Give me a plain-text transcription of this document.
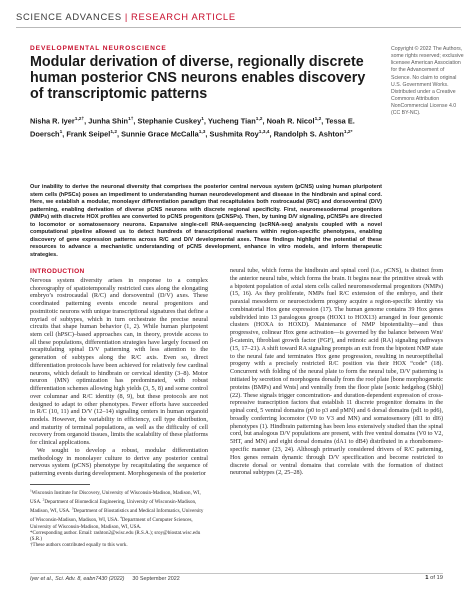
SCIENCE ADVANCES | RESEARCH ARTICLE
DEVELOPMENTAL NEUROSCIENCE
Modular derivation of diverse, regionally discrete human posterior CNS neurons enables discovery of transcriptomic patterns
Nisha R. Iyer$^{1,2\dagger}$, Junha Shin$^{1\dagger}$, Stephanie Cuskey$^1$, Yucheng Tian$^{1,2}$, Noah R. Nicol$^{1,2}$, Tessa E. Doersch$^1$, Frank Seipel$^{1,2}$, Sunnie Grace McCalla$^{1,3}$, Sushmita Roy$^{1,3,4}$, Randolph S. Ashton$^{1,2*}$
Our inability to derive the neuronal diversity that comprises the posterior central nervous system (pCNS) using human pluripotent stem cells (hPSCs) poses an impediment to understanding human neurodevelopment and disease in the hindbrain and spinal cord. Here, we establish a modular, monolayer differentiation paradigm that recapitulates both rostrocaudal (R/C) and dorsoventral (D/V) patterning, enabling derivation of diverse pCNS neurons with discrete regional specificity. First, neuromesodermal progenitors (NMPs) with discrete HOX profiles are converted to pCNS progenitors (pCNSPs). Then, by tuning D/V signaling, pCNSPs are directed to locomotor or somatosensory neurons. Expansive single-cell RNA-sequencing (scRNA-seq) analysis coupled with a novel computational pipeline allowed us to detect hundreds of transcriptional markers within region-specific phenotypes, enabling discovery of gene expression patterns across R/C and D/V developmental axes. These findings highlight the potential of these resources to advance a mechanistic understanding of pCNS development, enhance in vitro models, and inform therapeutic strategies.
Copyright © 2022 The Authors, some rights reserved; exclusive licensee American Association for the Advancement of Science. No claim to original U.S. Government Works. Distributed under a Creative Commons Attribution NonCommercial License 4.0 (CC BY-NC).
INTRODUCTION

Nervous system diversity arises in response to a complex choreography of spatiotemporally restricted cues along the elongating embryo’s rostrocaudal (R/C) and dorsoventral (D/V) axes. These coordinated patterning events encode neural progenitors and postmitotic neurons with unique transcriptional signatures that define a myriad of subtypes, which in turn orchestrate the precise neural circuits that shape human behavior (1, 2). While human pluripotent stem cell (hPSC)–based approaches can, in theory, provide access to all these populations, differentiation strategies have largely focused on recapitulating spinal D/V patterning with less attention to the generation of subtypes along the R/C axis. Even so, direct differentiation protocols have been achieved for relatively few cardinal neurons, which default to hindbrain or cervical identity (3–8). Motor neuron (MN) optimization has predominated, with robust differentiation schemes allowing high yields (3, 5, 8) and some control over columnar and R/C identity (8, 9), but these protocols are not designed to adapt to other phenotypes. Fewer efforts have succeeded in R/C (10, 11) and D/V (12–14) signaling centers in human organoid models. However, the variability in efficiency, cell type distribution, and maturity of terminal populations, as well as the difficulty of cell recovery from organoid tissues, limits the scalability of these platforms for clinical applications.

We sought to develop a robust, modular differentiation methodology in monolayer culture to derive any posterior central nervous system (pCNS) phenotype by recapitulating the sequence of patterning events during development. Morphogenesis of the posterior

$^1$Wisconsin Institute for Discovery, University of Wisconsin-Madison, Madison, WI, USA. $^2$Department of Biomedical Engineering, University of Wisconsin-Madison, Madison, WI, USA. $^3$Department of Biostatistics and Medical Informatics, University of Wisconsin-Madison, Madison, WI, USA. $^4$Department of Computer Sciences, University of Wisconsin-Madison, Madison, WI, USA.
*Corresponding author. Email: rashton2@wisc.edu (R.S.A.); sroy@biostat.wisc.edu (S.R.)
†These authors contributed equally to this work.

neural tube, which forms the hindbrain and spinal cord (i.e., pCNS), is distinct from the anterior neural tube, which forms the brain. It begins near the primitive streak with a bipotent population of axial stem cells called neuromesodermal progenitors (NMPs) (15, 16). As they proliferate, NMPs fuel R/C extension of the embryo, and their paraxial mesoderm or neuroectoderm progeny acquire a region-specific identity via combinatorial Hox gene expression (17). The human genome contains 39 Hox genes subdivided into 13 paralogous groups (HOX1 to HOX13) arranged in four genomic clusters (HOXA to HOXD). Maintenance of NMP bipotentiality—and thus progressive, colinear Hox gene activation—is governed by the balance between Wnt/β-catenin, fibroblast growth factor (FGF), and retinoic acid (RA) signaling pathways (15, 17–21). A shift toward RA signaling prompts an exit from the bipotent NMP state to the neural fate and terminates Hox gene progression, resulting in neuroepithelial progeny with a precisely restricted R/C position via their HOX “code” (18). Concurrent with folding of the neural plate to form the neural tube, D/V patterning is initiated by secretion of morphogens dorsally from the roof plate [bone morphogenetic proteins (BMPs) and Wnts] and ventrally from the floor plate [sonic hedgehog (Shh)] (22). These signals trigger concentration- and duration-dependent expression of cross-repressive transcription factors that establish 11 discrete progenitor domains in the spinal cord, 5 ventral domains (p0 to p3 and pMN) and 6 dorsal domains (pd1 to pd6), broadly conferring locomotor (V0 to V3 and MN) and somatosensory (dI1 to dI6) phenotypes (1). Hindbrain patterning has been less extensively studied than the spinal cord, but analogous D/V populations are present, with five ventral domains (V0 to V2, 5HT, and MN) and eight dorsal domains (dA1 to dB4) distributed in a rhombomere-specific manner (23, 24). Although primarily considered drivers of R/C patterning, Hox genes remain dynamic through D/V specification and become restricted to discrete dorsal or ventral domains that correlate with the formation of distinct neuronal subtypes (2, 25–28).

Iyer et al., Sci. Adv. 8, eabn7430 (2022) 30 September 2022	1 of 19
